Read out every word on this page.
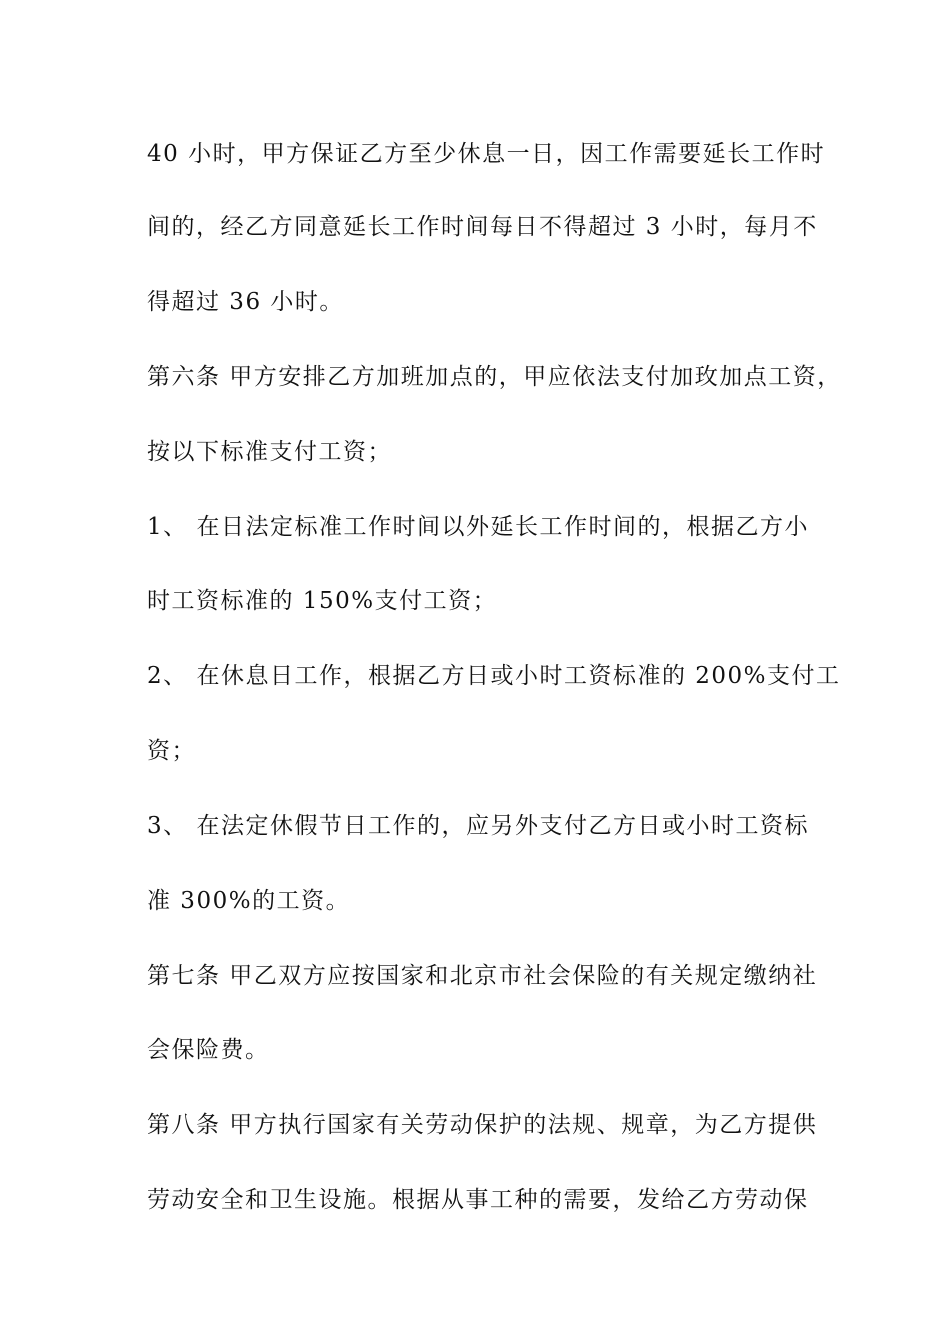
40 小时，甲方保证乙方至少休息一日，因工作需要延长工作时
间的，经乙方同意延长工作时间每日不得超过 3 小时，每月不
得超过 36 小时。
第六条 甲方安排乙方加班加点的，甲应依法支付加玫加点工资，
按以下标准支付工资；
1、 在日法定标准工作时间以外延长工作时间的，根据乙方小
时工资标准的 150%支付工资；
2、 在休息日工作，根据乙方日或小时工资标准的 200%支付工
资；
3、 在法定休假节日工作的，应另外支付乙方日或小时工资标
准 300%的工资。
第七条 甲乙双方应按国家和北京市社会保险的有关规定缴纳社
会保险费。
第八条 甲方执行国家有关劳动保护的法规、规章，为乙方提供
劳动安全和卫生设施。根据从事工种的需要，发给乙方劳动保
